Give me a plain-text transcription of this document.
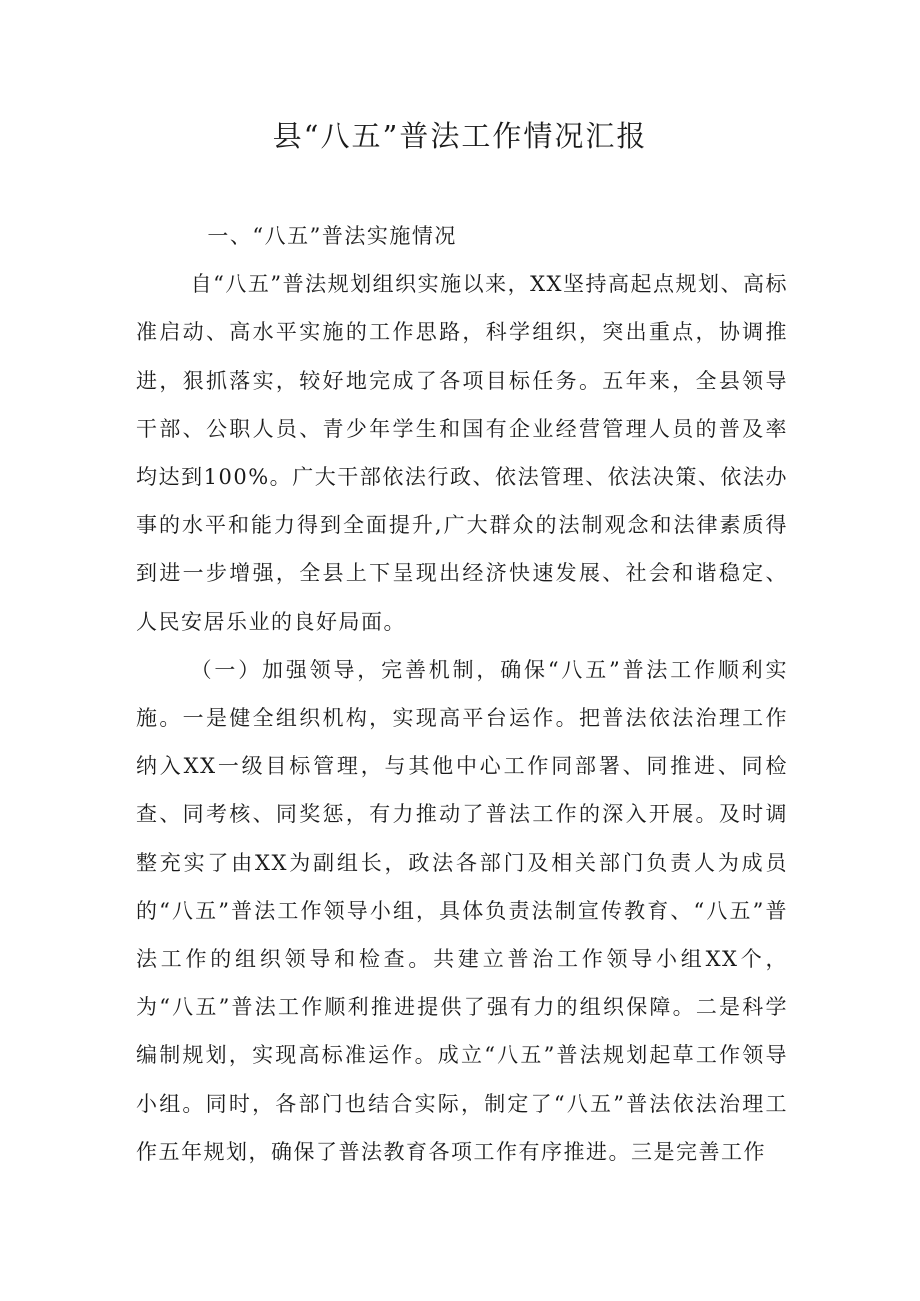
县“八五”普法工作情况汇报

一、“八五”普法实施情况

自“八五”普法规划组织实施以来，XX坚持高起点规划、高标准启动、高水平实施的工作思路，科学组织，突出重点，协调推进，狠抓落实，较好地完成了各项目标任务。五年来，全县领导干部、公职人员、青少年学生和国有企业经营管理人员的普及率均达到100%。广大干部依法行政、依法管理、依法决策、依法办事的水平和能力得到全面提升,广大群众的法制观念和法律素质得到进一步增强，全县上下呈现出经济快速发展、社会和谐稳定、人民安居乐业的良好局面。

（一）加强领导，完善机制，确保“八五”普法工作顺利实施。一是健全组织机构，实现高平台运作。把普法依法治理工作纳入XX一级目标管理，与其他中心工作同部署、同推进、同检查、同考核、同奖惩，有力推动了普法工作的深入开展。及时调整充实了由XX为副组长，政法各部门及相关部门负责人为成员的“八五”普法工作领导小组，具体负责法制宣传教育、“八五”普法工作的组织领导和检查。共建立普治工作领导小组XX个，为“八五”普法工作顺利推进提供了强有力的组织保障。二是科学编制规划，实现高标准运作。成立“八五”普法规划起草工作领导小组。同时，各部门也结合实际，制定了“八五”普法依法治理工作五年规划，确保了普法教育各项工作有序推进。三是完善工作
